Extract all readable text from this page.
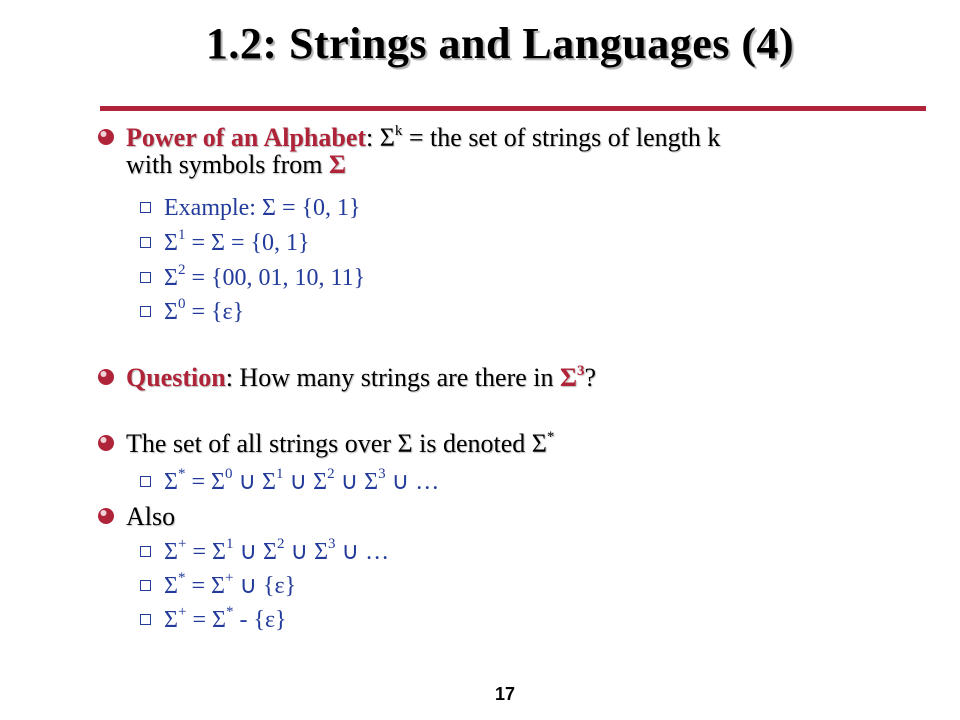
1.2: Strings and Languages (4)
Power of an Alphabet: $\Sigma^k$ = the set of strings of length k
with symbols from Σ
Example: Σ = {0, 1}
$\Sigma^1 = \Sigma = \{0$, 1}
$\Sigma^2 = \{00$, 01, 10, 11}
$\Sigma^0 = \{\varepsilon\}$
Question: How many strings are there in $\Sigma^3$?
The set of all strings over Σ is denoted Σ*
$\Sigma^* = \Sigma^0$ ∪ $\Sigma^1$ ∪ $\Sigma^2$ ∪ $\Sigma^3$ ∪ …
Also
$\Sigma^+ = \Sigma^1$ ∪ $\Sigma^2$ ∪ $\Sigma^3$ ∪ …
Σ* = Σ+ ∪ {ε}
Σ+ = Σ* - {ε}
17
